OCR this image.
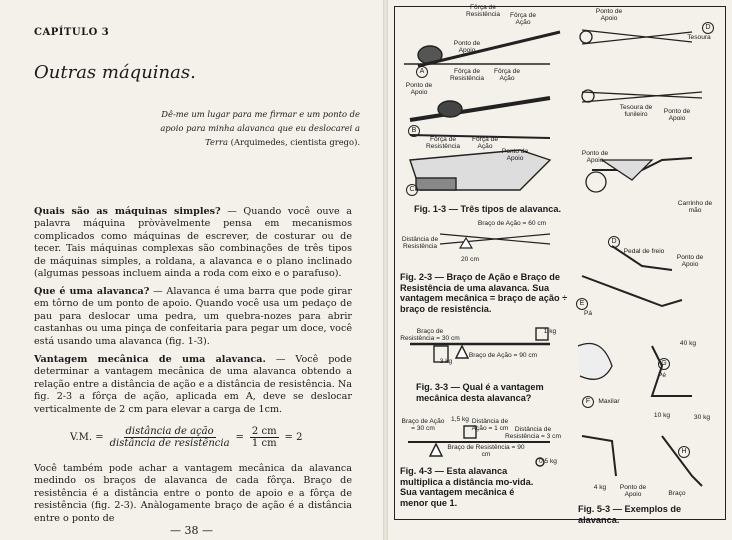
CAPÍTULO 3
Outras máquinas.
Dê-me um lugar para me firmar e um ponto de apoio para minha alavanca que eu deslocarei a Terra (Arquimedes, cientista grego).
Quais são as máquinas simples? — Quando você ouve a palavra máquina pròvàvelmente pensa em mecanismos complicados como máquinas de escrever, de costurar ou de tecer. Tais máquinas complexas são combinações de três tipos de máquinas simples, a roldana, a alavanca e o plano inclinado (algumas pessoas incluem ainda a roda com eixo e o parafuso).
Que é uma alavanca? — Alavanca é uma barra que pode girar em tôrno de um ponto de apoio. Quando você usa um pedaço de pau para deslocar uma pedra, um quebra-nozes para abrir castanhas ou uma pinça de confeitaria para pegar um doce, você está usando uma alavanca (fig. 1-3).
Vantagem mecânica de uma alavanca. — Você pode determinar a vantagem mecânica de uma alavanca obtendo a relação entre a distância de ação e a distância de resistência. Na fig. 2-3 a fôrça de ação, aplicada em A, deve se deslocar verticalmente de 2 cm para elevar a carga de 1cm.
V.M. = $\frac{\text{distância de ação}}{\text{distância de resistência}} = \frac{2 cm}{1 cm} = 2$
Você também pode achar a vantagem mecânica da alavanca medindo os braços de alavanca de cada fôrça. Braço de resistência é a distância entre o ponto de apoio e a fôrça de resistência (fig. 2-3). Anàlogamente braço de ação é a distância entre o ponto de
— 38 —
A
B
C
Fôrça de Resistência	Fôrça de Ação
Ponto de Apoio
Fôrça de Resistência
Fôrça de Ação
Ponto de Apoio
Fôrça de Resistência
Fôrça de Ação
Ponto de Apoio
D
Tesoura
Ponto de Apoio
Tesoura de funileiro	Ponto de Apoio
Carrinho de mão
Ponto de Apoio
Fig. 1-3 — Três tipos de alavanca.
Distância de Resistência
Braço de Ação = 60 cm
20 cm
Fig. 2-3 — Braço de Ação e Braço de Resistência de uma alavanca. Sua vantagem mecânica = braço de ação ÷ braço de resistência.
Braço de Resistência = 30 cm
1 kg
3 kg
Braço de Ação = 90 cm
Fig. 3-3 — Qual é a vantagem mecânica desta alavanca?
Braço de Ação = 30 cm
1,5 kg Distância de Ação = 1 cm Distância de Resistência = 3 cm
Braço de Resistência = 90 cm
0,5 kg
Fig. 4-3 — Esta alavanca multiplica a distância mo-vida. Sua vantagem mecânica é menor que 1.
D
Pedal de freio
Ponto de Apoio
E
Pá
F	Maxilar
G
Pé
40 kg
10 kg	30 kg
H
4 kg	Ponto de Apoio	Braço
Fig. 5-3 — Exemplos de alavanca.
